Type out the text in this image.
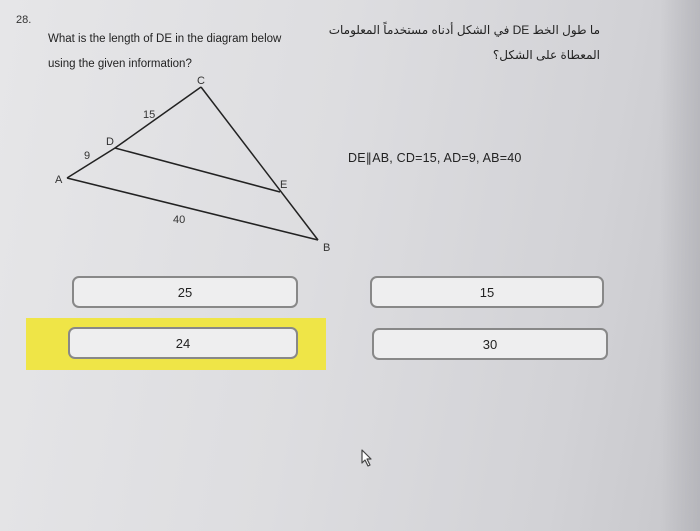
28.
What is the length of DE in the diagram below using the given information?
ما طول الخط DE في الشكل أدناه مستخدماً المعلومات المعطاة على الشكل؟
DE∥AB, CD=15, AD=9, AB=40
A
B
C
D
E
15
9
40
25	15
24	30
